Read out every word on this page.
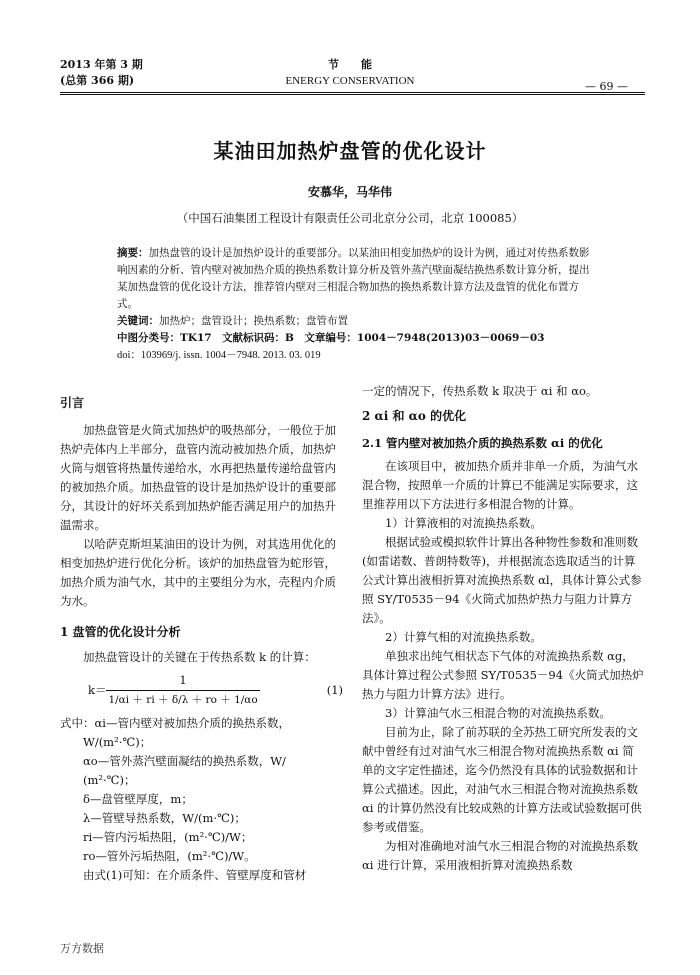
2013 年第 3 期
(总第 366 期)
节　　能
ENERGY CONSERVATION	— 69 —
某油田加热炉盘管的优化设计
安慕华，马华伟
（中国石油集团工程设计有限责任公司北京分公司，北京 100085）
摘要：加热盘管的设计是加热炉设计的重要部分。以某油田相变加热炉的设计为例，通过对传热系数影响因素的分析、管内壁对被加热介质的换热系数计算分析及管外蒸汽壁面凝结换热系数计算分析，提出某加热盘管的优化设计方法，推荐管内壁对三相混合物加热的换热系数计算方法及盘管的优化布置方式。
关键词：加热炉；盘管设计；换热系数；盘管布置
中图分类号：TK17　文献标识码：B　文章编号：1004－7948(2013)03－0069－03
doi：103969/j. issn. 1004－7948. 2013. 03. 019

引言

加热盘管是火筒式加热炉的吸热部分，一般位于加热炉壳体内上半部分，盘管内流动被加热介质，加热炉火筒与烟管将热量传递给水，水再把热量传递给盘管内的被加热介质。加热盘管的设计是加热炉设计的重要部分，其设计的好坏关系到加热炉能否满足用户的加热升温需求。

以哈萨克斯坦某油田的设计为例，对其选用优化的相变加热炉进行优化分析。该炉的加热盘管为蛇形管，加热介质为油气水，其中的主要组分为水，壳程内介质为水。

1 盘管的优化设计分析

加热盘管设计的关键在于传热系数 k 的计算：

$k= \frac{1}{1/\alpha i + ri + \delta/\lambda + ro + 1/\alpha o}$	(1)

式中：αi—管内壁对被加热介质的换热系数，

W/(m²·℃)；
αo—管外蒸汽壁面凝结的换热系数，W/
(m²·℃)；
δ—盘管壁厚度，m；
λ—管壁导热系数，W/(m·℃)；
ri—管内污垢热阻，(m²·℃)/W；
ro—管外污垢热阻，(m²·℃)/W。

由式(1)可知：在介质条件、管壁厚度和管材

一定的情况下，传热系数 k 取决于 αi 和 αo。

2 αi 和 αo 的优化

2.1 管内壁对被加热介质的换热系数 αi 的优化

在该项目中，被加热介质并非单一介质，为油气水混合物，按照单一介质的计算已不能满足实际要求，这里推荐用以下方法进行多相混合物的计算。

1）计算液相的对流换热系数。

根据试验或模拟软件计算出各种物性参数和准则数(如雷诺数、普朗特数等)，并根据流态选取适当的计算公式计算出液相折算对流换热系数 αl，具体计算公式参照 SY/T0535－94《火筒式加热炉热力与阻力计算方法》。

2）计算气相的对流换热系数。

单独求出纯气相状态下气体的对流换热系数 αg，具体计算过程公式参照 SY/T0535－94《火筒式加热炉热力与阻力计算方法》进行。

3）计算油气水三相混合物的对流换热系数。

目前为止，除了前苏联的全苏热工研究所发表的文献中曾经有过对油气水三相混合物对流换热系数 αi 简单的文字定性描述，迄今仍然没有具体的试验数据和计算公式描述。因此，对油气水三相混合物对流换热系数 αi 的计算仍然没有比较成熟的计算方法或试验数据可供参考或借鉴。

为相对准确地对油气水三相混合物的对流换热系数 αi 进行计算，采用液相折算对流换热系数

万方数据
